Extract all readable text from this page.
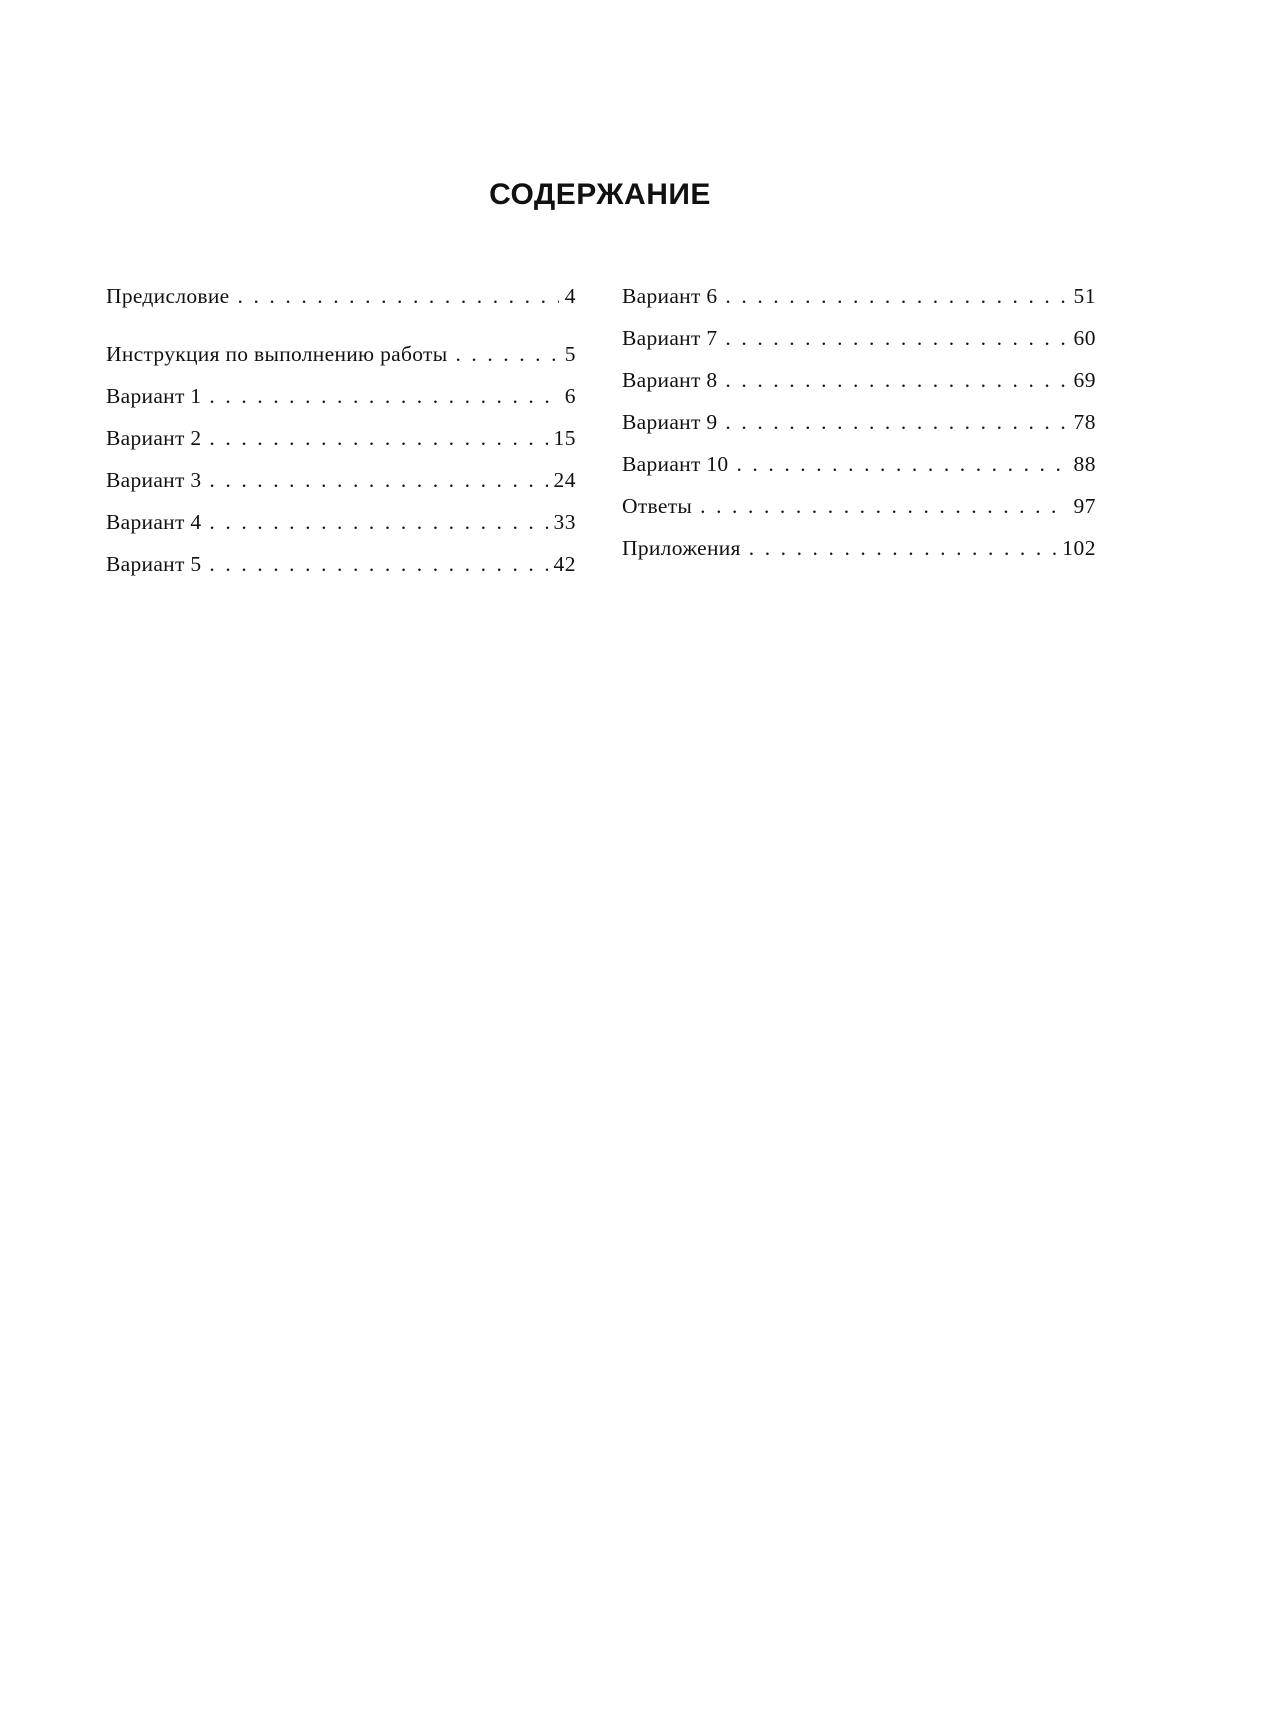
СОДЕРЖАНИЕ
Предисловие . . .	4
Инструкция по выполнению работы . . .	5
Вариант 1 . . .	6
Вариант 2 . . .	15
Вариант 3 . . .	24
Вариант 4 . . .	33
Вариант 5 . . .	42
Вариант 6 . . .	51
Вариант 7 . . .	60
Вариант 8 . . .	69
Вариант 9 . . .	78
Вариант 10 . . .	88
Ответы . . .	97
Приложения . . .	102
